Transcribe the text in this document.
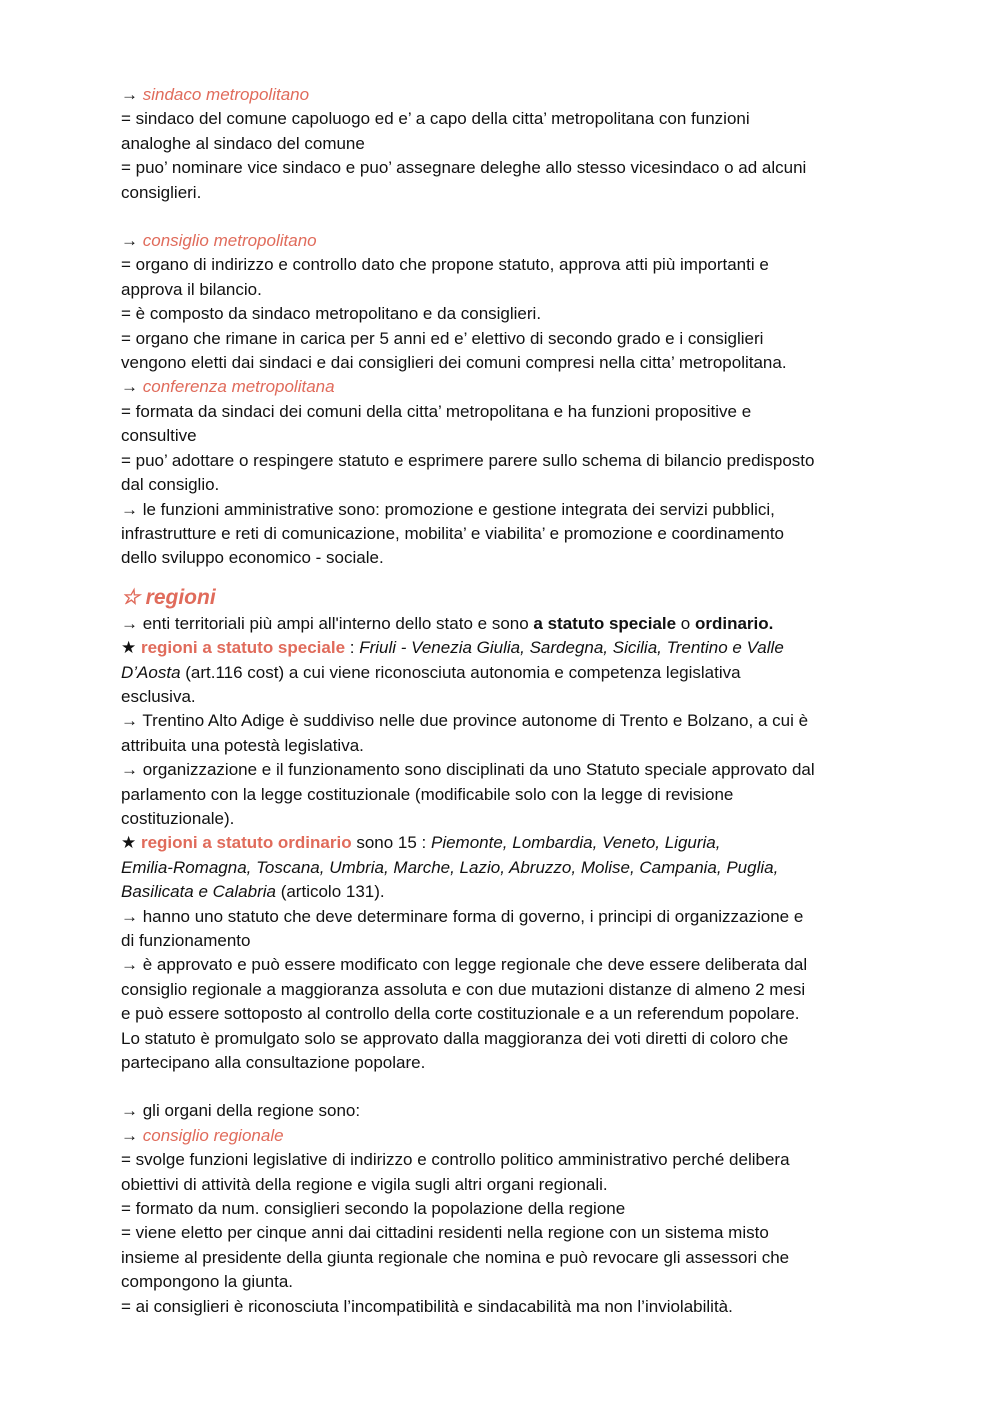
→ sindaco metropolitano
= sindaco del comune capoluogo ed e’ a capo della citta’ metropolitana con funzioni
analoghe al sindaco del comune
= puo’ nominare vice sindaco e puo’ assegnare deleghe allo stesso vicesindaco o ad alcuni
consiglieri.
→ consiglio metropolitano
= organo di indirizzo e controllo dato che propone statuto, approva atti più importanti e
approva il bilancio.
= è composto da sindaco metropolitano e da consiglieri.
= organo che rimane in carica per 5 anni ed e’ elettivo di secondo grado e i consiglieri
vengono eletti dai sindaci e dai consiglieri dei comuni compresi nella citta’ metropolitana.
→ conferenza metropolitana
= formata da sindaci dei comuni della citta’ metropolitana e ha funzioni propositive e
consultive
= puo’ adottare o respingere statuto e esprimere parere sullo schema di bilancio predisposto
dal consiglio.
→ le funzioni amministrative sono: promozione e gestione integrata dei servizi pubblici,
infrastrutture e reti di comunicazione, mobilita’ e viabilita’ e promozione e coordinamento
dello sviluppo economico - sociale.
☆ regioni
→ enti territoriali più ampi all'interno dello stato e sono a statuto speciale o ordinario.
★ regioni a statuto speciale : Friuli - Venezia Giulia, Sardegna, Sicilia, Trentino e Valle
D’Aosta (art.116 cost) a cui viene riconosciuta autonomia e competenza legislativa
esclusiva.
→ Trentino Alto Adige è suddiviso nelle due province autonome di Trento e Bolzano, a cui è
attribuita una potestà legislativa.
→ organizzazione e il funzionamento sono disciplinati da uno Statuto speciale approvato dal
parlamento con la legge costituzionale (modificabile solo con la legge di revisione
costituzionale).
★ regioni a statuto ordinario sono 15 : Piemonte, Lombardia, Veneto, Liguria,
Emilia-Romagna, Toscana, Umbria, Marche, Lazio, Abruzzo, Molise, Campania, Puglia,
Basilicata e Calabria (articolo 131).
→ hanno uno statuto che deve determinare forma di governo, i principi di organizzazione e
di funzionamento
→ è approvato e può essere modificato con legge regionale che deve essere deliberata dal
consiglio regionale a maggioranza assoluta e con due mutazioni distanze di almeno 2 mesi
e può essere sottoposto al controllo della corte costituzionale e a un referendum popolare.
Lo statuto è promulgato solo se approvato dalla maggioranza dei voti diretti di coloro che
partecipano alla consultazione popolare.
→ gli organi della regione sono:
→ consiglio regionale
= svolge funzioni legislative di indirizzo e controllo politico amministrativo perché delibera
obiettivi di attività della regione e vigila sugli altri organi regionali.
= formato da num. consiglieri secondo la popolazione della regione
= viene eletto per cinque anni dai cittadini residenti nella regione con un sistema misto
insieme al presidente della giunta regionale che nomina e può revocare gli assessori che
compongono la giunta.
= ai consiglieri è riconosciuta l’incompatibilità e sindacabilità ma non l’inviolabilità.
